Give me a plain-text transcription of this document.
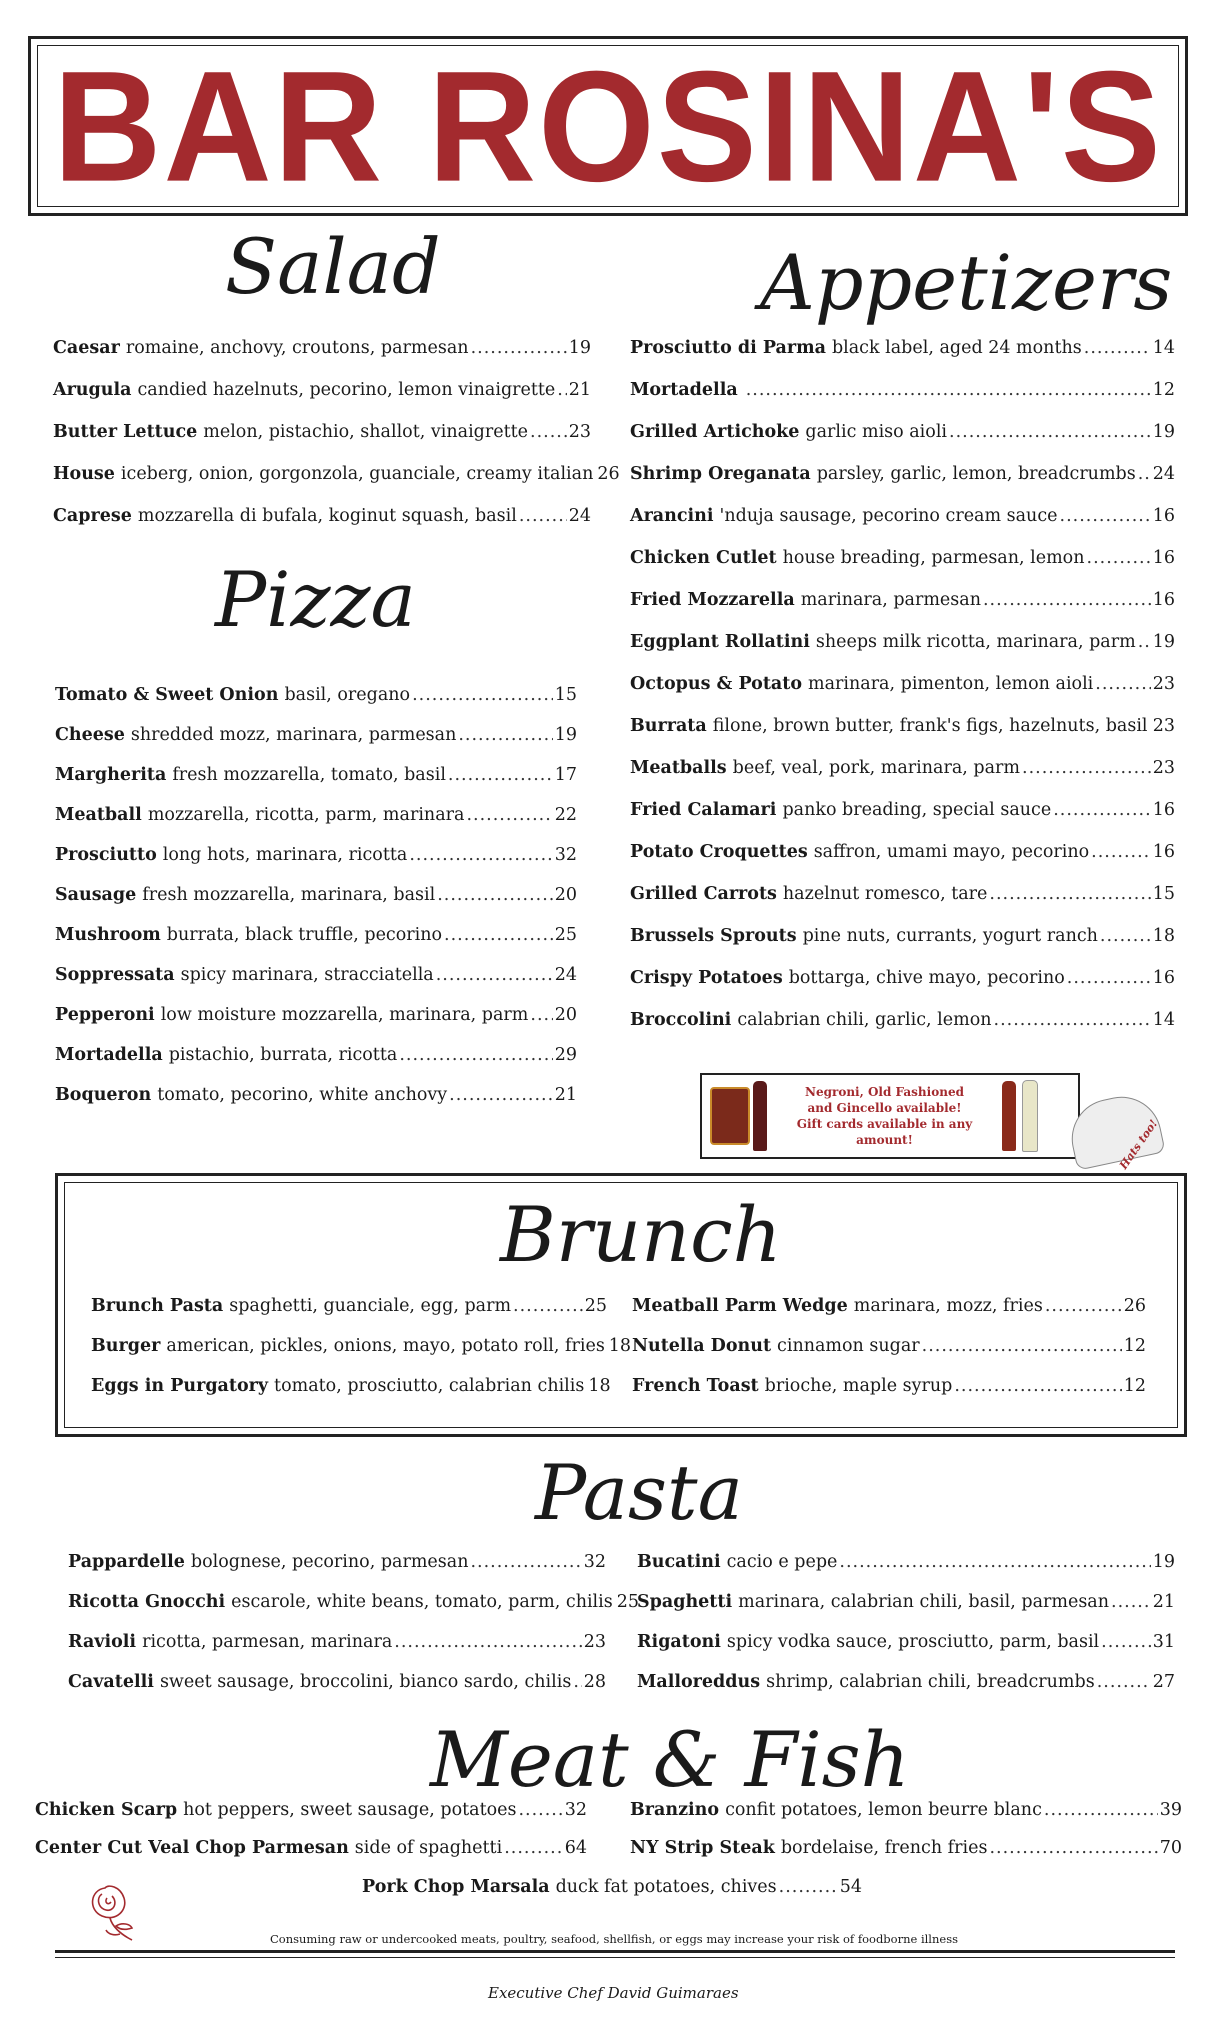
BAR ROSINA'S
Salad
Caesar romaine, anchovy, croutons, parmesan .....	19
Arugula candied hazelnuts, pecorino, lemon vinaigrette ..... 21
Butter Lettuce melon, pistachio, shallot, vinaigrette ..... 23
House iceberg, onion, gorgonzola, guanciale, creamy italian 26
Caprese mozzarella di bufala, koginut squash, basil .....	24
Pizza
Tomato & Sweet Onion basil, oregano .....	15
Cheese shredded mozz, marinara, parmesan .....	19
Margherita fresh mozzarella, tomato, basil .....	17
Meatball mozzarella, ricotta, parm, marinara .....	22
Prosciutto long hots, marinara, ricotta .....	32
Sausage fresh mozzarella, marinara, basil .....	20
Mushroom burrata, black truffle, pecorino .....	25
Soppressata spicy marinara, stracciatella .....	24
Pepperoni low moisture mozzarella, marinara, parm ..... 20
Mortadella pistachio, burrata, ricotta .....	29
Boqueron tomato, pecorino, white anchovy .....	21
Appetizers
Prosciutto di Parma black label, aged 24 months .....	14
Mortadella .....	12
Grilled Artichoke garlic miso aioli .....	19
Shrimp Oreganata parsley, garlic, lemon, breadcrumbs ..... 24
Arancini 'nduja sausage, pecorino cream sauce .....	16
Chicken Cutlet house breading, parmesan, lemon .....	16
Fried Mozzarella marinara, parmesan .....	16
Eggplant Rollatini sheeps milk ricotta, marinara, parm ..... 19
Octopus & Potato marinara, pimenton, lemon aioli .....	23
Burrata filone, brown butter, frank's figs, hazelnuts, basil ..... 23
Meatballs beef, veal, pork, marinara, parm .....	23
Fried Calamari panko breading, special sauce .....	16
Potato Croquettes saffron, umami mayo, pecorino .....	16
Grilled Carrots hazelnut romesco, tare .....	15
Brussels Sprouts pine nuts, currants, yogurt ranch .....	18
Crispy Potatoes bottarga, chive mayo, pecorino .....	16
Broccolini calabrian chili, garlic, lemon .....	14
Negroni, Old Fashioned
and Gincello available!
Gift cards available in any amount!	Hats too!
Brunch
Brunch Pasta spaghetti, guanciale, egg, parm .....	25
Burger american, pickles, onions, mayo, potato roll, fries 18
Eggs in Purgatory tomato, prosciutto, calabrian chilis 18
Meatball Parm Wedge marinara, mozz, fries .....	26
Nutella Donut cinnamon sugar .....	12
French Toast brioche, maple syrup .....	12
Pasta
Pappardelle bolognese, pecorino, parmesan .....	32
Ricotta Gnocchi escarole, white beans, tomato, parm, chilis 25
Ravioli ricotta, parmesan, marinara .....	23
Cavatelli sweet sausage, broccolini, bianco sardo, chilis ..... 28
Bucatini cacio e pepe .....	19
Spaghetti marinara, calabrian chili, basil, parmesan ..... 21
Rigatoni spicy vodka sauce, prosciutto, parm, basil .....	31
Malloreddus shrimp, calabrian chili, breadcrumbs .....	27
Meat & Fish
Chicken Scarp hot peppers, sweet sausage, potatoes .....	32
Center Cut Veal Chop Parmesan side of spaghetti .....	64
Branzino confit potatoes, lemon beurre blanc .....	39
NY Strip Steak bordelaise, french fries .....	70
Pork Chop Marsala duck fat potatoes, chives .....	54
Consuming raw or undercooked meats, poultry, seafood, shellfish, or eggs may increase your risk of foodborne illness
Executive Chef David Guimaraes
